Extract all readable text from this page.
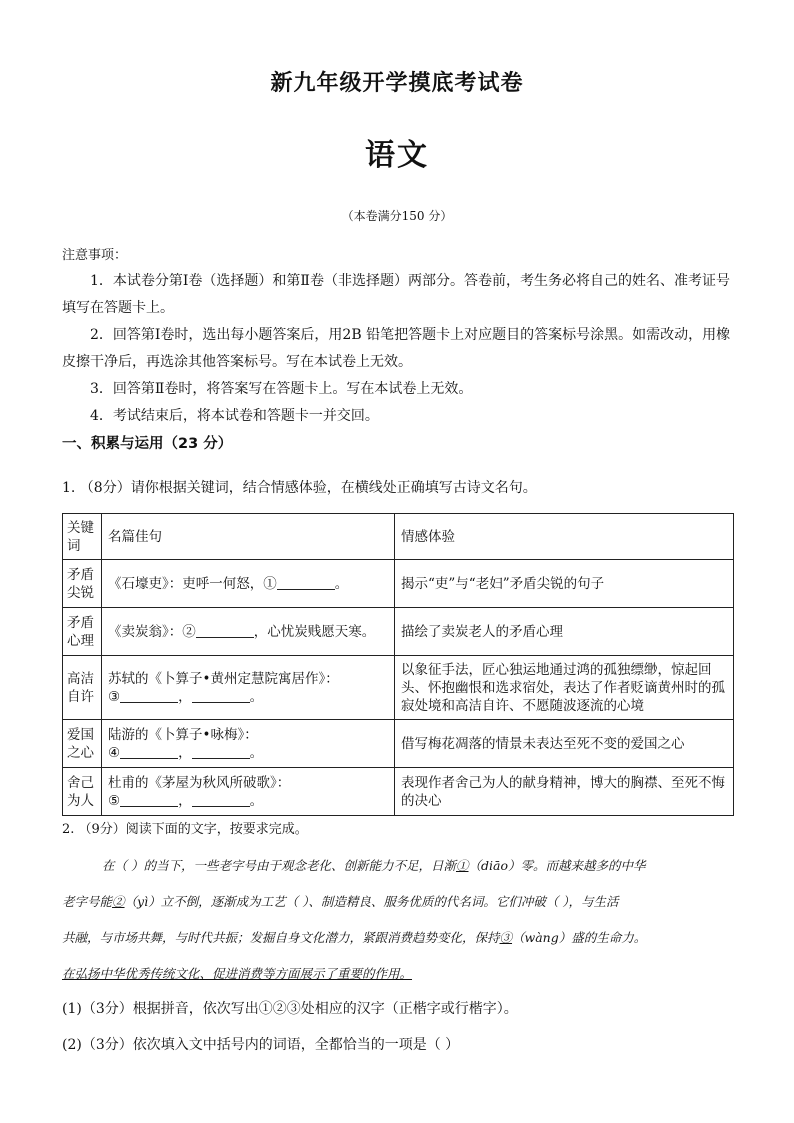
新九年级开学摸底考试卷
语文
（本卷满分150 分）
注意事项：

1．本试卷分第Ⅰ卷（选择题）和第Ⅱ卷（非选择题）两部分。答卷前，考生务必将自己的姓名、准考证号填写在答题卡上。

2．回答第Ⅰ卷时，选出每小题答案后，用2B 铅笔把答题卡上对应题目的答案标号涂黑。如需改动，用橡皮擦干净后，再选涂其他答案标号。写在本试卷上无效。

3．回答第Ⅱ卷时，将答案写在答题卡上。写在本试卷上无效。

4．考试结束后，将本试卷和答题卡一并交回。

一、积累与运用（23 分）
1. （8分）请你根据关键词，结合情感体验，在横线处正确填写古诗文名句。
关键词	名篇佳句	情感体验
矛盾尖锐	《石壕吏》：吏呼一何怒，① 。	揭示“吏”与“老妇”矛盾尖锐的句子
矛盾心理	《卖炭翁》：② ，心忧炭贱愿天寒。	描绘了卖炭老人的矛盾心理
高洁自许	苏轼的《卜算子•黄州定慧院寓居作》：
③ ， 。	以象征手法，匠心独运地通过鸿的孤独缥缈，惊起回头、怀抱幽恨和选求宿处，表达了作者贬谪黄州时的孤寂处境和高洁自许、不愿随波逐流的心境
爱国之心	陆游的《卜算子•咏梅》：
④ ， 。	借写梅花凋落的情景未表达至死不变的爱国之心
舍己为人	杜甫的《茅屋为秋风所破歌》：
⑤ ， 。	表现作者舍己为人的献身精神，博大的胸襟、至死不悔的决心
2. （9分）阅读下面的文字，按要求完成。
在（ ）的当下，一些老字号由于观念老化、创新能力不足，日渐①（diāo）零。而越来越多的中华
老字号能②（yì）立不倒，逐渐成为工艺（ ）、制造精良、服务优质的代名词。它们冲破（ ），与生活
共融，与市场共舞，与时代共振；发掘自身文化潜力，紧跟消费趋势变化，保持③（wàng）盛的生命力。
在弘扬中华优秀传统文化、促进消费等方面展示了重要的作用。
(1)（3分）根据拼音，依次写出①②③处相应的汉字（正楷字或行楷字）。
(2)（3分）依次填入文中括号内的词语，全都恰当的一项是（ ）
